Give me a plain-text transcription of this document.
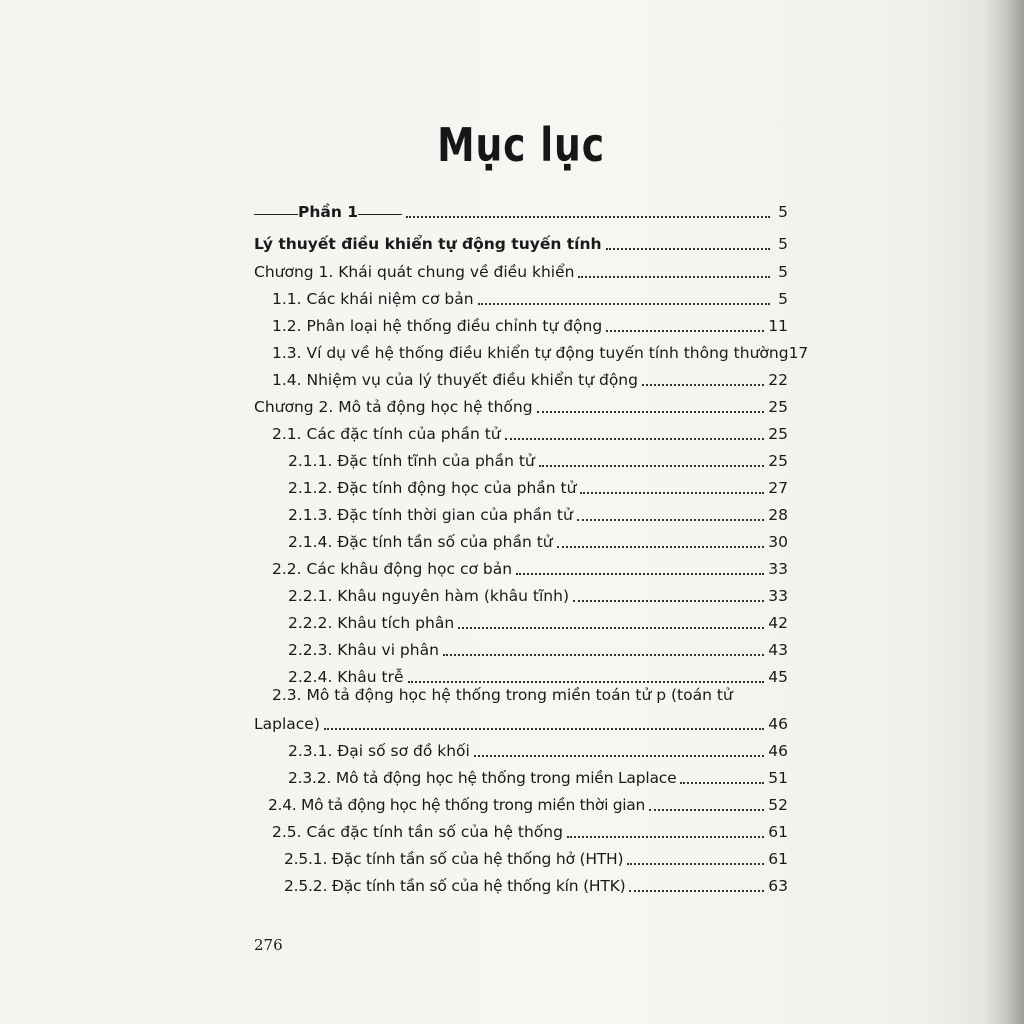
Mục lục
Phần 1	5
Lý thuyết điều khiển tự động tuyến tính	5
Chương 1. Khái quát chung về điều khiển	5
1.1. Các khái niệm cơ bản	5
1.2. Phân loại hệ thống điều chỉnh tự động	11
1.3. Ví dụ về hệ thống điều khiển tự động tuyến tính thông thường 17
1.4. Nhiệm vụ của lý thuyết điều khiển tự động	22
Chương 2. Mô tả động học hệ thống	25
2.1. Các đặc tính của phần tử	25
2.1.1. Đặc tính tĩnh của phần tử	25
2.1.2. Đặc tính động học của phần tử	27
2.1.3. Đặc tính thời gian của phần tử	28
2.1.4. Đặc tính tần số của phần tử	30
2.2. Các khâu động học cơ bản	33
2.2.1. Khâu nguyên hàm (khâu tĩnh)	33
2.2.2. Khâu tích phân	42
2.2.3. Khâu vi phân	43
2.2.4. Khâu trễ	45
2.3. Mô tả động học hệ thống trong miền toán tử p (toán tử
Laplace)	46
2.3.1. Đại số sơ đồ khối	46
2.3.2. Mô tả động học hệ thống trong miền Laplace	51
2.4. Mô tả động học hệ thống trong miền thời gian	52
2.5. Các đặc tính tần số của hệ thống	61
2.5.1. Đặc tính tần số của hệ thống hở (HTH)	61
2.5.2. Đặc tính tần số của hệ thống kín (HTK)	63
276
